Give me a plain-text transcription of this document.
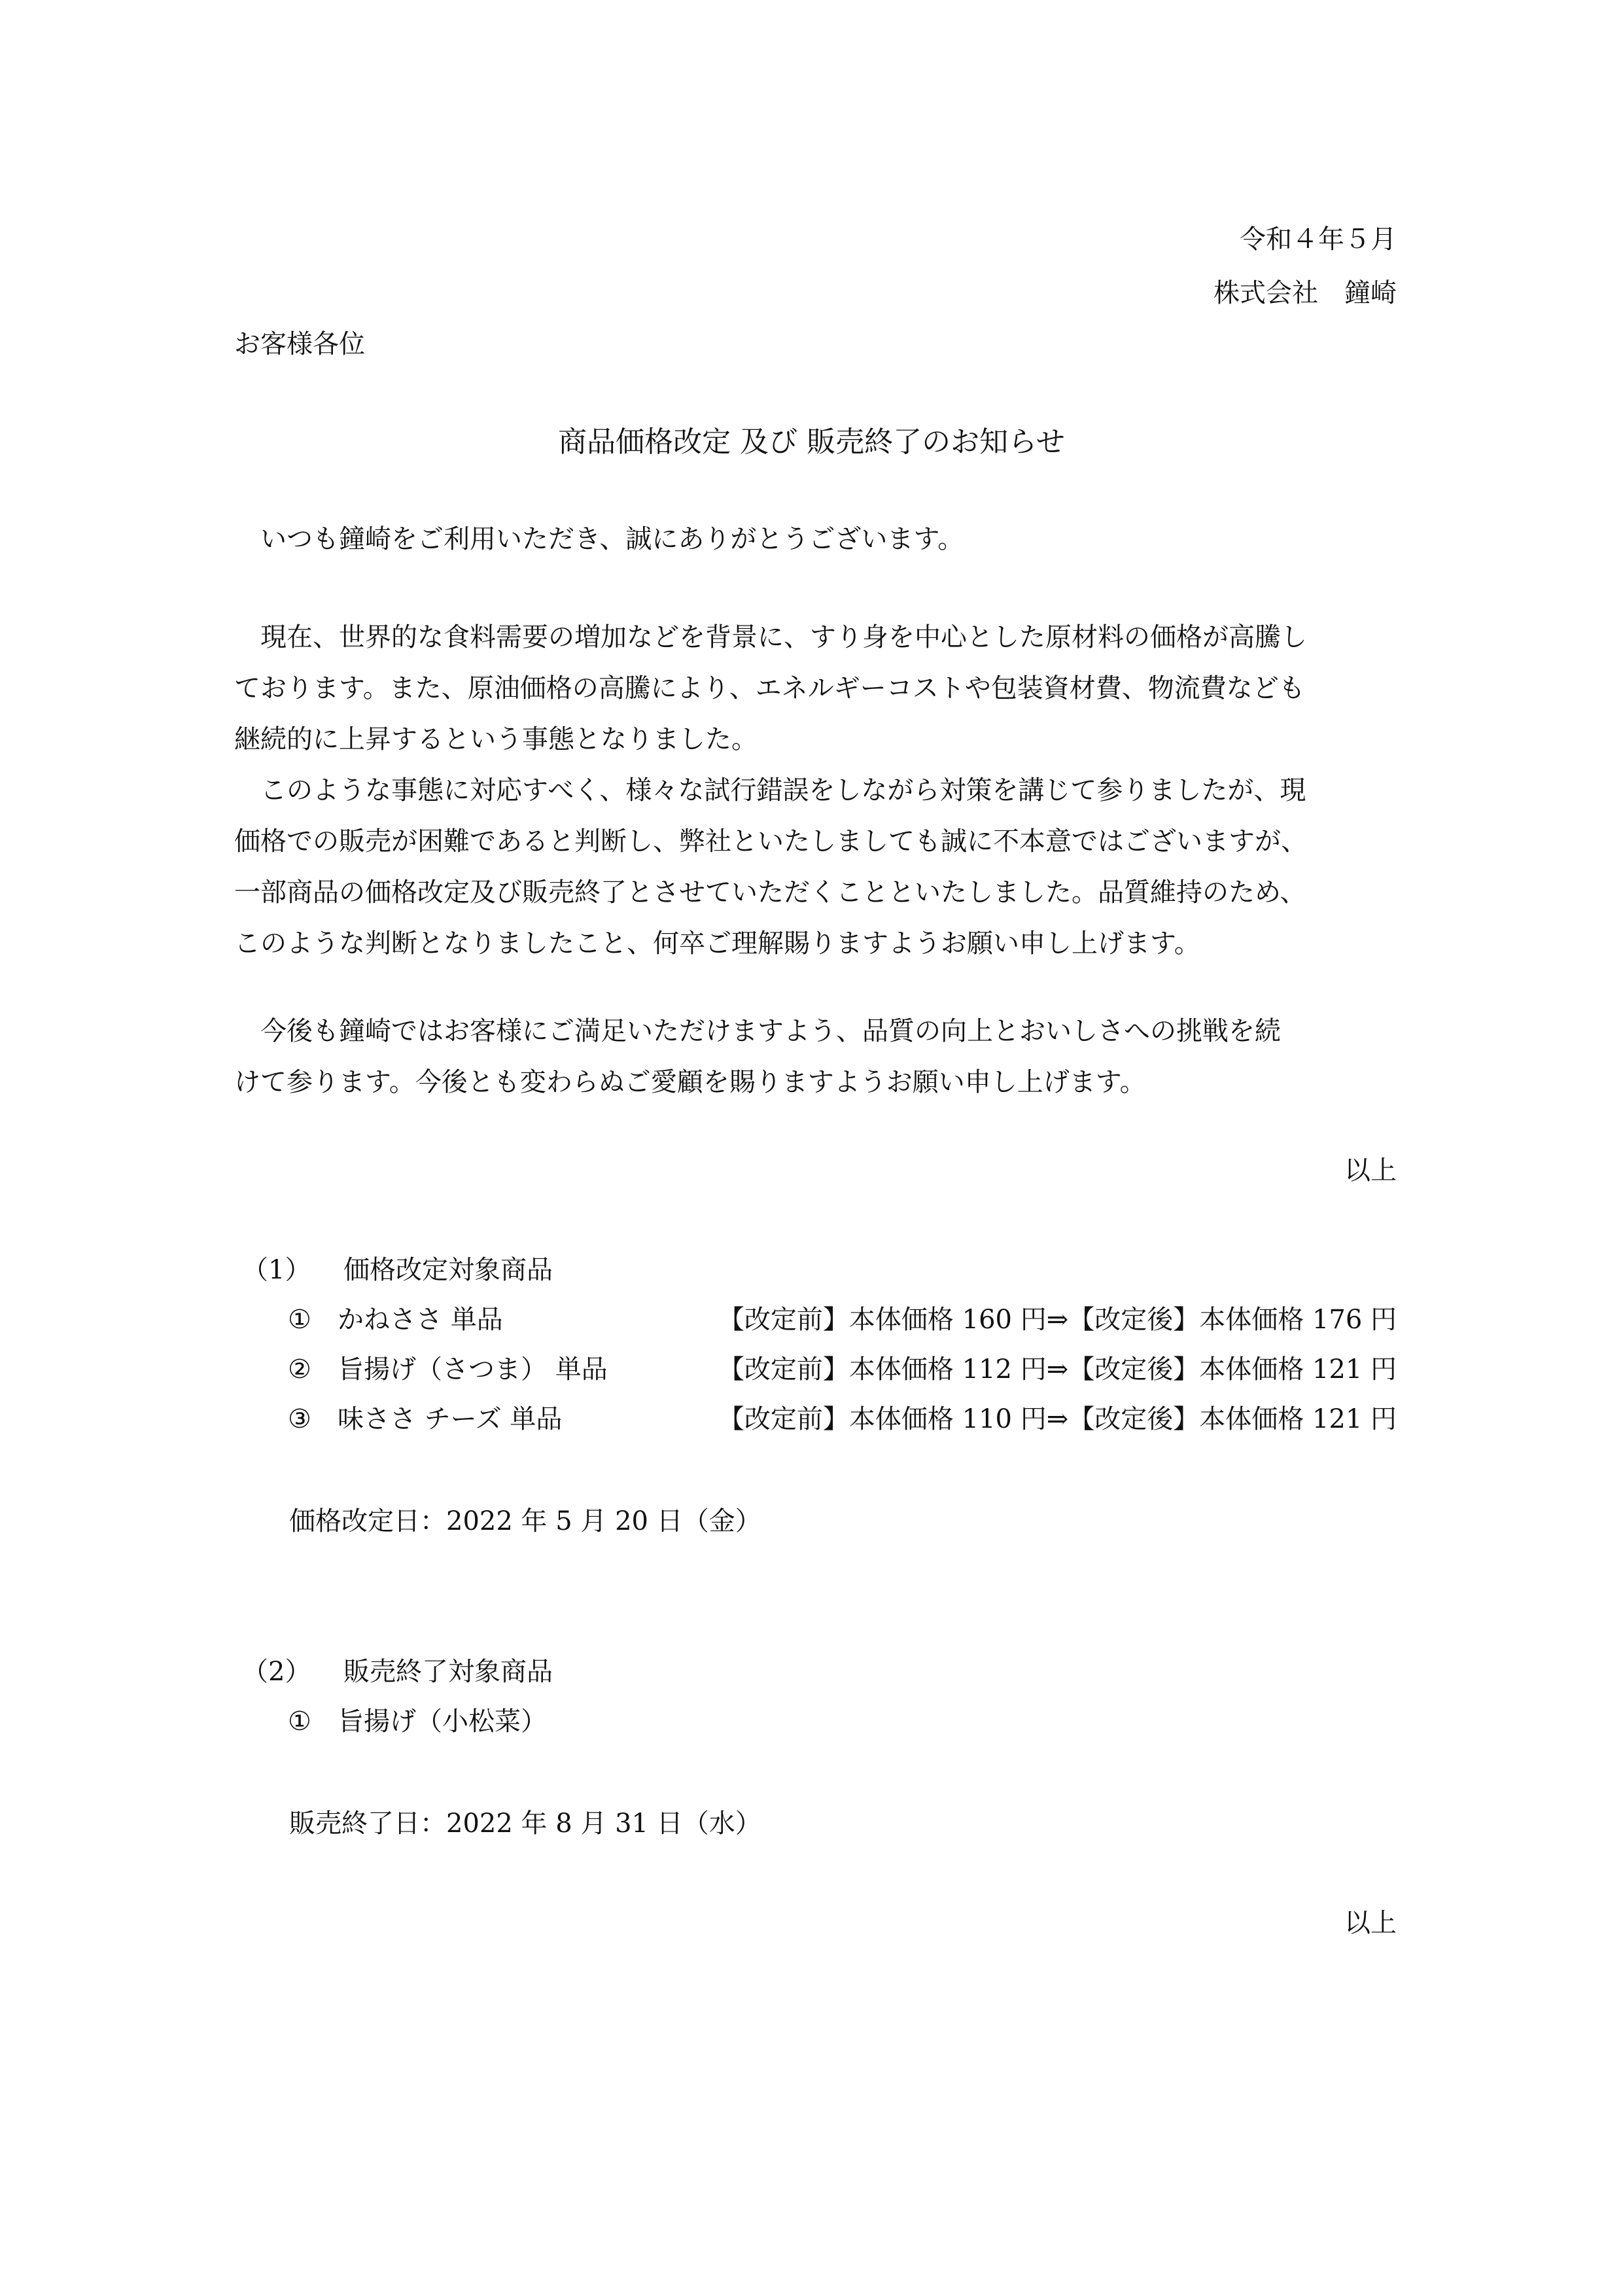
令和４年５月
株式会社　鐘崎
お客様各位
商品価格改定 及び 販売終了のお知らせ

いつも鐘崎をご利用いただき、誠にありがとうございます。

現在、世界的な食料需要の増加などを背景に、すり身を中心とした原材料の価格が高騰し

ております。また、原油価格の高騰により、エネルギーコストや包装資材費、物流費なども

継続的に上昇するという事態となりました。

このような事態に対応すべく、様々な試行錯誤をしながら対策を講じて参りましたが、現

価格での販売が困難であると判断し、弊社といたしましても誠に不本意ではございますが、

一部商品の価格改定及び販売終了とさせていただくことといたしました。品質維持のため、

このような判断となりましたこと、何卒ご理解賜りますようお願い申し上げます。

今後も鐘崎ではお客様にご満足いただけますよう、品質の向上とおいしさへの挑戦を続

けて参ります。今後とも変わらぬご愛顧を賜りますようお願い申し上げます。

以上
（1） 価格改定対象商品
① かねささ 単品	【改定前】本体価格 160 円⇒【改定後】本体価格 176 円
② 旨揚げ（さつま） 単品	【改定前】本体価格 112 円⇒【改定後】本体価格 121 円
③ 味ささ チーズ 単品	【改定前】本体価格 110 円⇒【改定後】本体価格 121 円
価格改定日：2022 年 5 月 20 日（金）
（2） 販売終了対象商品
① 旨揚げ（小松菜）
販売終了日：2022 年 8 月 31 日（水）
以上
